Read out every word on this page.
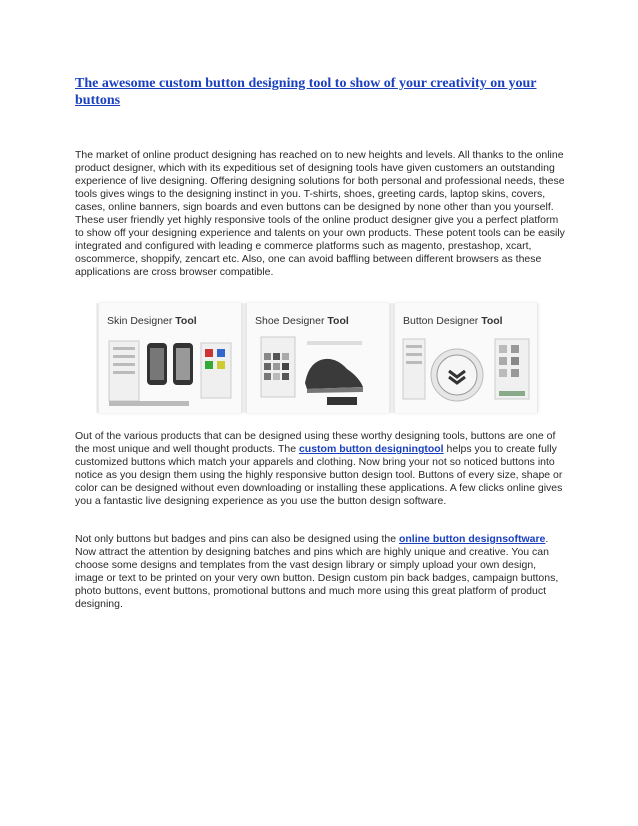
The awesome custom button designing tool to show of your creativity on your buttons

The market of online product designing has reached on to new heights and levels. All thanks to the online product designer, which with its expeditious set of designing tools have given customers an outstanding experience of live designing. Offering designing solutions for both personal and professional needs, these tools gives wings to the designing instinct in you. T-shirts, shoes, greeting cards, laptop skins, covers, cases, online banners, sign boards and even buttons can be designed by none other than you yourself. These user friendly yet highly responsive tools of the online product designer give you a perfect platform to show off your designing experience and talents on your own products. These potent tools can be easily integrated and configured with leading e commerce platforms such as magento, prestashop, xcart, oscommerce, shoppify, zencart etc. Also, one can avoid baffling between different browsers as these applications are cross browser compatible.

Skin Designer Tool	Shoe Designer Tool	Button Designer Tool

Out of the various products that can be designed using these worthy designing tools, buttons are one of the most unique and well thought products. The custom button designingtool helps you to create fully customized buttons which match your apparels and clothing. Now bring your not so noticed buttons into notice as you design them using the highly responsive button design tool. Buttons of every size, shape or color can be designed without even downloading or installing these applications. A few clicks online gives you a fantastic live designing experience as you use the button design software.

Not only buttons but badges and pins can also be designed using the online button designsoftware. Now attract the attention by designing batches and pins which are highly unique and creative. You can choose some designs and templates from the vast design library or simply upload your own design, image or text to be printed on your very own button. Design custom pin back badges, campaign buttons, photo buttons, event buttons, promotional buttons and much more using this great platform of product designing.
